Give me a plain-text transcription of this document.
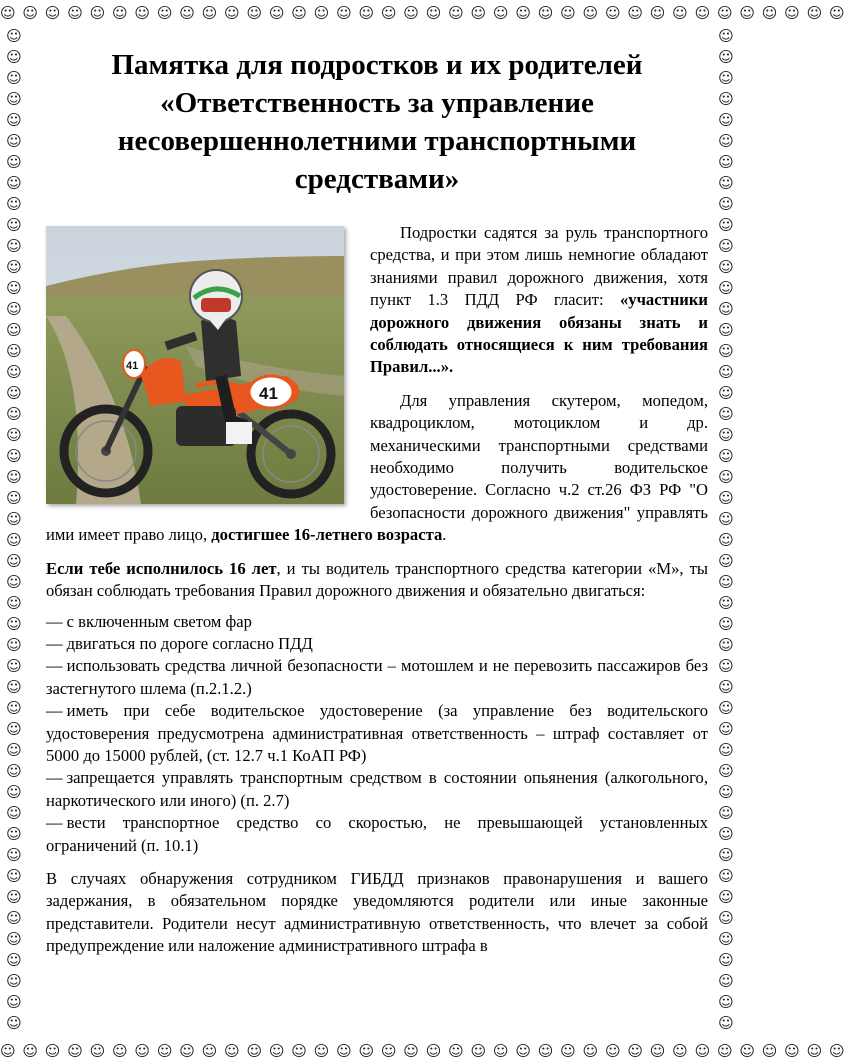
☺ ☺ ☺ ☺ ☺ ☺ ☺ ☺ ☺ ☺ ☺ ☺ ☺ ☺ ☺ ☺ ☺ ☺ ☺ ☺ ☺ ☺ ☺ ☺ ☺ ☺ ☺ ☺ ☺ ☺ ☺ ☺ ☺ ☺ ☺ ☺ ☺ ☺
☺ ☺ ☺ ☺ ☺ ☺ ☺ ☺ ☺ ☺ ☺ ☺ ☺ ☺ ☺ ☺ ☺ ☺ ☺ ☺ ☺ ☺ ☺ ☺ ☺ ☺ ☺ ☺ ☺ ☺ ☺ ☺ ☺ ☺ ☺ ☺ ☺ ☺
☺
☺
☺
☺
☺
☺
☺
☺
☺
☺
☺
☺
☺
☺
☺
☺
☺
☺
☺
☺
☺
☺
☺
☺
☺
☺
☺
☺
☺
☺
☺
☺
☺
☺
☺
☺
☺
☺
☺
☺
☺
☺
☺
☺
☺
☺
☺
☺

☺
☺
☺
☺
☺
☺
☺
☺
☺
☺
☺
☺
☺
☺
☺
☺
☺
☺
☺
☺
☺
☺
☺
☺
☺
☺
☺
☺
☺
☺
☺
☺
☺
☺
☺
☺
☺
☺
☺
☺
☺
☺
☺
☺
☺
☺
☺
☺

Памятка для подростков и их родителей «Ответственность за управление несовершеннолетними транспортными средствами»
41
41

Подростки садятся за руль транспортного средства, и при этом лишь немногие обладают знаниями правил дорожного движения, хотя пункт 1.3 ПДД РФ гласит: «участники дорожного движения обязаны знать и соблюдать относящиеся к ним требования Правил...».

Для управления скутером, мопедом, квадроциклом, мотоциклом и др. механическими транспортными средствами необходимо получить водительское удостоверение. Согласно ч.2 ст.26 ФЗ РФ "О безопасности дорожного движения" управлять ими имеет право лицо, достигшее 16-летнего возраста.

Если тебе исполнилось 16 лет, и ты водитель транспортного средства категории «М», ты обязан соблюдать требования Правил дорожного движения и обязательно двигаться:

— с включенным светом фар
— двигаться по дороге согласно ПДД
— использовать средства личной безопасности – мотошлем и не перевозить пассажиров без застегнутого шлема (п.2.1.2.)
— иметь при себе водительское удостоверение (за управление без водительского удостоверения предусмотрена административная ответственность – штраф составляет от 5000 до 15000 рублей, (ст. 12.7 ч.1 КоАП РФ)
— запрещается управлять транспортным средством в состоянии опьянения (алкогольного, наркотического или иного) (п. 2.7)
— вести транспортное средство со скоростью, не превышающей установленных ограничений (п. 10.1)

В случаях обнаружения сотрудником ГИБДД признаков правонарушения и вашего задержания, в обязательном порядке уведомляются родители или иные законные представители. Родители несут административную ответственность, что влечет за собой предупреждение или наложение административного штрафа в
